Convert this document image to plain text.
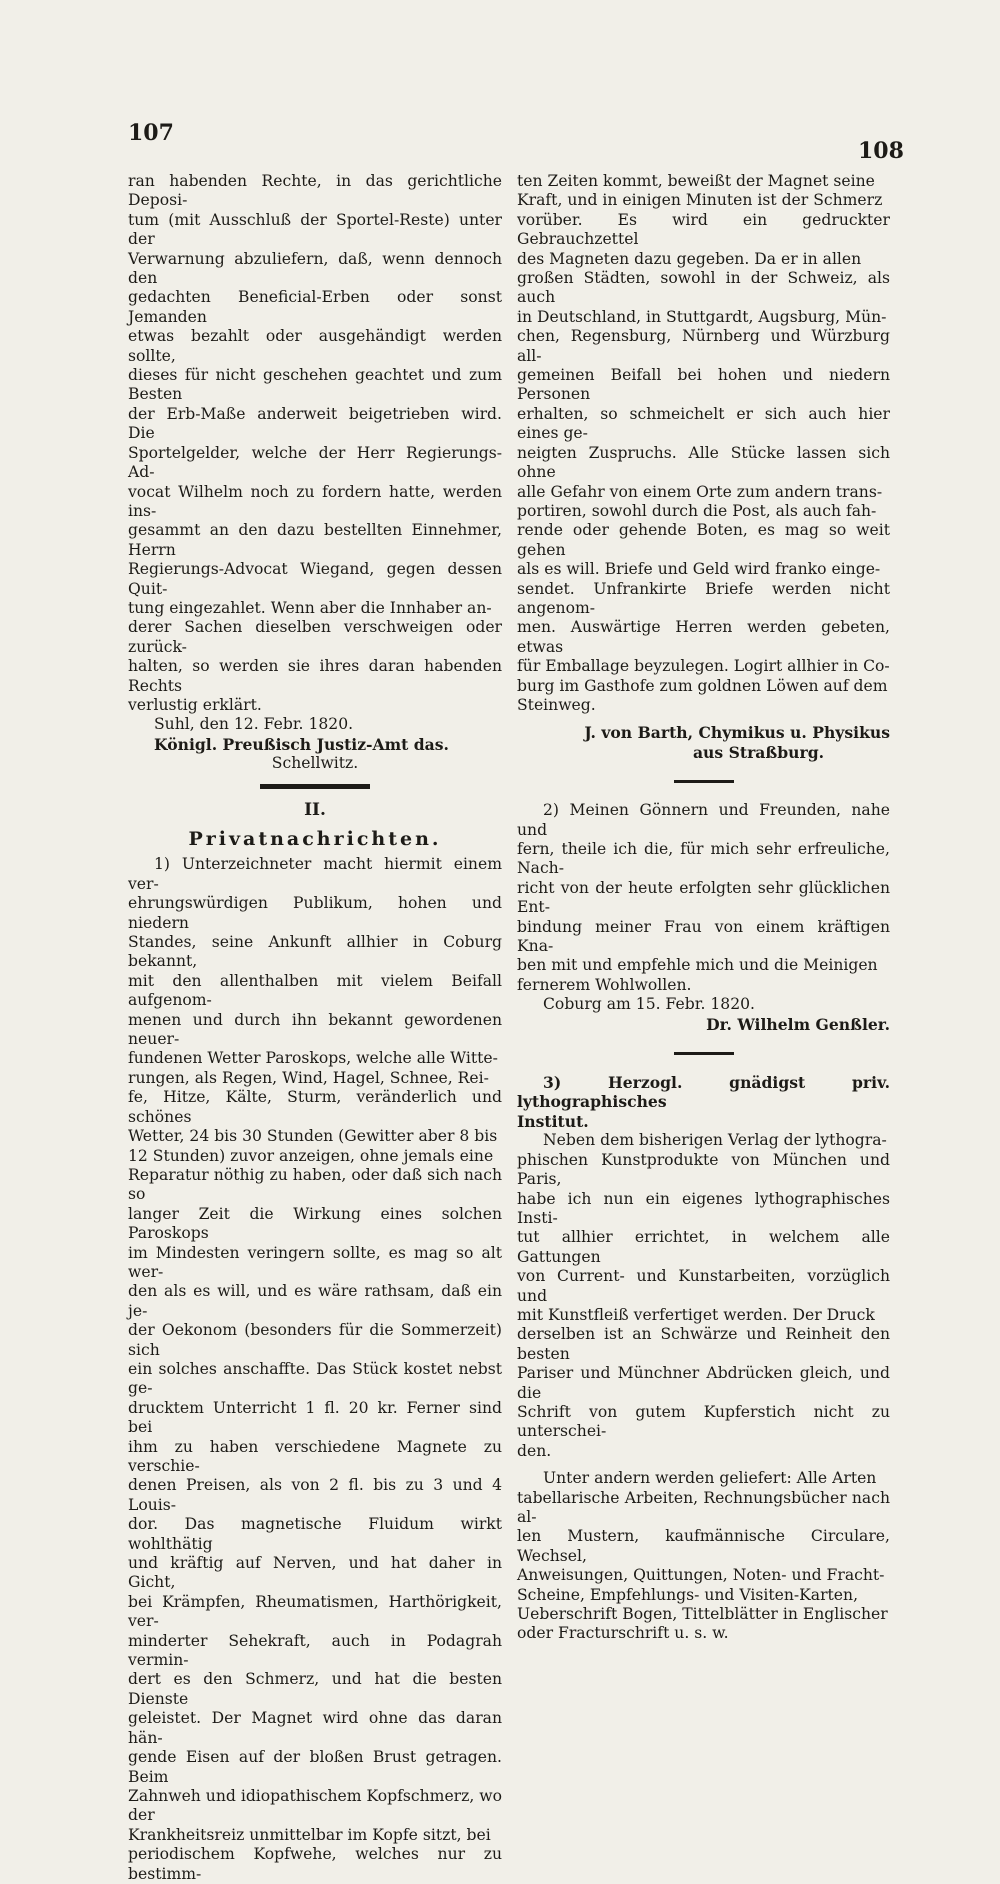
107
108

ran habenden Rechte, in das gerichtliche Deposi-

tum (mit Ausschluß der Sportel-Reste) unter der

Verwarnung abzuliefern, daß, wenn dennoch den

gedachten Beneficial-Erben oder sonst Jemanden

etwas bezahlt oder ausgehändigt werden sollte,

dieses für nicht geschehen geachtet und zum Besten

der Erb-Maße anderweit beigetrieben wird. Die

Sportelgelder, welche der Herr Regierungs-Ad-

vocat Wilhelm noch zu fordern hatte, werden ins-

gesammt an den dazu bestellten Einnehmer, Herrn

Regierungs-Advocat Wiegand, gegen dessen Quit-

tung eingezahlet. Wenn aber die Innhaber an-

derer Sachen dieselben verschweigen oder zurück-

halten, so werden sie ihres daran habenden Rechts

verlustig erklärt.

Suhl, den 12. Febr. 1820.

Königl. Preußisch Justiz-Amt das.

Schellwitz.

II.
Privatnachrichten.

1) Unterzeichneter macht hiermit einem ver-

ehrungswürdigen Publikum, hohen und niedern

Standes, seine Ankunft allhier in Coburg bekannt,

mit den allenthalben mit vielem Beifall aufgenom-

menen und durch ihn bekannt gewordenen neuer-

fundenen Wetter Paroskops, welche alle Witte-

rungen, als Regen, Wind, Hagel, Schnee, Rei-

fe, Hitze, Kälte, Sturm, veränderlich und schönes

Wetter, 24 bis 30 Stunden (Gewitter aber 8 bis

12 Stunden) zuvor anzeigen, ohne jemals eine

Reparatur nöthig zu haben, oder daß sich nach so

langer Zeit die Wirkung eines solchen Paroskops

im Mindesten veringern sollte, es mag so alt wer-

den als es will, und es wäre rathsam, daß ein je-

der Oekonom (besonders für die Sommerzeit) sich

ein solches anschaffte. Das Stück kostet nebst ge-

drucktem Unterricht 1 fl. 20 kr. Ferner sind bei

ihm zu haben verschiedene Magnete zu verschie-

denen Preisen, als von 2 fl. bis zu 3 und 4 Louis-

dor. Das magnetische Fluidum wirkt wohlthätig

und kräftig auf Nerven, und hat daher in Gicht,

bei Krämpfen, Rheumatismen, Harthörigkeit, ver-

minderter Sehekraft, auch in Podagrah vermin-

dert es den Schmerz, und hat die besten Dienste

geleistet. Der Magnet wird ohne das daran hän-

gende Eisen auf der bloßen Brust getragen. Beim

Zahnweh und idiopathischem Kopfschmerz, wo der

Krankheitsreiz unmittelbar im Kopfe sitzt, bei

periodischem Kopfwehe, welches nur zu bestimm-

ten Zeiten kommt, beweißt der Magnet seine

Kraft, und in einigen Minuten ist der Schmerz

vorüber. Es wird ein gedruckter Gebrauchzettel

des Magneten dazu gegeben. Da er in allen

großen Städten, sowohl in der Schweiz, als auch

in Deutschland, in Stuttgardt, Augsburg, Mün-

chen, Regensburg, Nürnberg und Würzburg all-

gemeinen Beifall bei hohen und niedern Personen

erhalten, so schmeichelt er sich auch hier eines ge-

neigten Zuspruchs. Alle Stücke lassen sich ohne

alle Gefahr von einem Orte zum andern trans-

portiren, sowohl durch die Post, als auch fah-

rende oder gehende Boten, es mag so weit gehen

als es will. Briefe und Geld wird franko einge-

sendet. Unfrankirte Briefe werden nicht angenom-

men. Auswärtige Herren werden gebeten, etwas

für Emballage beyzulegen. Logirt allhier in Co-

burg im Gasthofe zum goldnen Löwen auf dem

Steinweg.

J. von Barth, Chymikus u. Physikus

aus Straßburg.

2) Meinen Gönnern und Freunden, nahe und

fern, theile ich die, für mich sehr erfreuliche, Nach-

richt von der heute erfolgten sehr glücklichen Ent-

bindung meiner Frau von einem kräftigen Kna-

ben mit und empfehle mich und die Meinigen

fernerem Wohlwollen.

Coburg am 15. Febr. 1820.

Dr. Wilhelm Genßler.

3) Herzogl. gnädigst priv. lythographisches

Institut.

Neben dem bisherigen Verlag der lythogra-

phischen Kunstprodukte von München und Paris,

habe ich nun ein eigenes lythographisches Insti-

tut allhier errichtet, in welchem alle Gattungen

von Current- und Kunstarbeiten, vorzüglich und

mit Kunstfleiß verfertiget werden. Der Druck

derselben ist an Schwärze und Reinheit den besten

Pariser und Münchner Abdrücken gleich, und die

Schrift von gutem Kupferstich nicht zu unterschei-

den.

Unter andern werden geliefert: Alle Arten

tabellarische Arbeiten, Rechnungsbücher nach al-

len Mustern, kaufmännische Circulare, Wechsel,

Anweisungen, Quittungen, Noten- und Fracht-

Scheine, Empfehlungs- und Visiten-Karten,

Ueberschrift Bogen, Tittelblätter in Englischer

oder Fracturschrift u. s. w.
